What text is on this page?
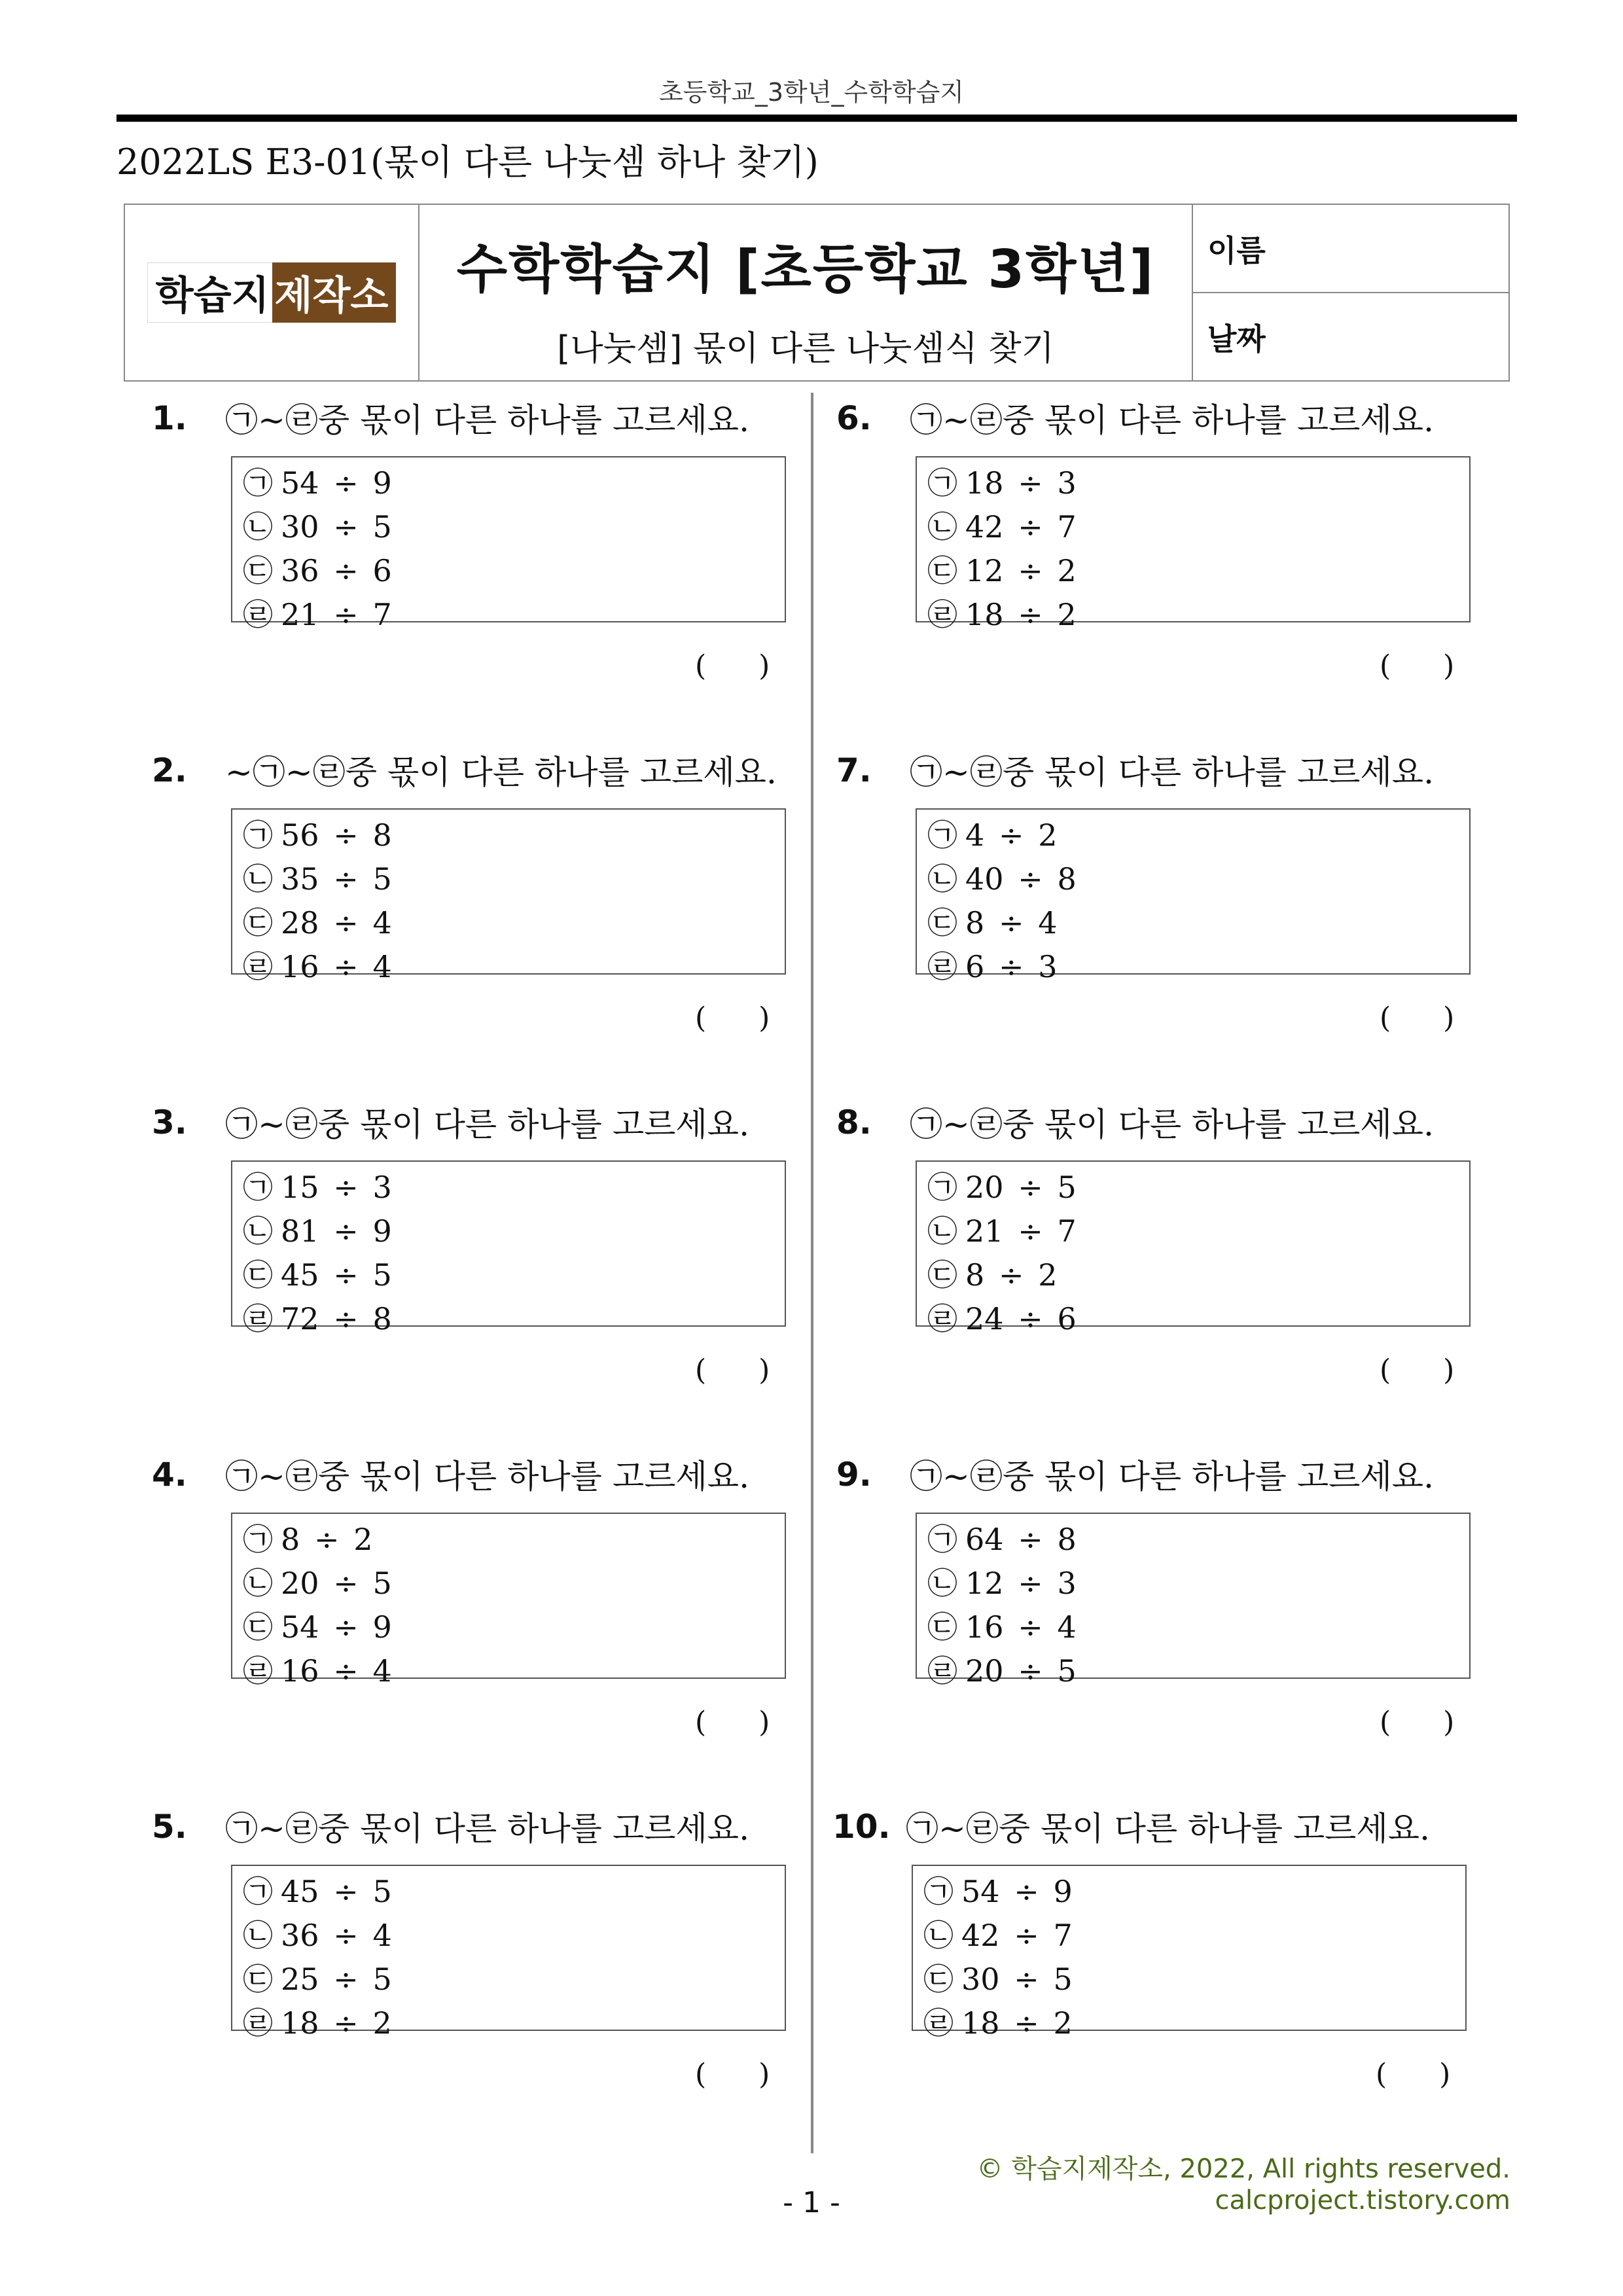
초등학교_3학년_수학학습지
2022LS E3-01(몫이 다른 나눗셈 하나 찾기)
학습지 제작소	수학학습지 [초등학교 3학년]
[나눗셈] 몫이 다른 나눗셈식 찾기
이름
날짜
1. ㉠~㉣중 몫이 다른 하나를 고르세요.
㉠ 54 ÷ 9
㉡ 30 ÷ 5
㉢ 36 ÷ 6
㉣ 21 ÷ 7
( )
2. ~㉠~㉣중 몫이 다른 하나를 고르세요.
㉠ 56 ÷ 8
㉡ 35 ÷ 5
㉢ 28 ÷ 4
㉣ 16 ÷ 4
( )
3. ㉠~㉣중 몫이 다른 하나를 고르세요.
㉠ 15 ÷ 3
㉡ 81 ÷ 9
㉢ 45 ÷ 5
㉣ 72 ÷ 8
( )
4. ㉠~㉣중 몫이 다른 하나를 고르세요.
㉠ 8 ÷ 2
㉡ 20 ÷ 5
㉢ 54 ÷ 9
㉣ 16 ÷ 4
( )
5. ㉠~㉣중 몫이 다른 하나를 고르세요.
㉠ 45 ÷ 5
㉡ 36 ÷ 4
㉢ 25 ÷ 5
㉣ 18 ÷ 2
( )
6. ㉠~㉣중 몫이 다른 하나를 고르세요.
㉠ 18 ÷ 3
㉡ 42 ÷ 7
㉢ 12 ÷ 2
㉣ 18 ÷ 2
( )
7. ㉠~㉣중 몫이 다른 하나를 고르세요.
㉠ 4 ÷ 2
㉡ 40 ÷ 8
㉢ 8 ÷ 4
㉣ 6 ÷ 3
( )
8. ㉠~㉣중 몫이 다른 하나를 고르세요.
㉠ 20 ÷ 5
㉡ 21 ÷ 7
㉢ 8 ÷ 2
㉣ 24 ÷ 6
( )
9. ㉠~㉣중 몫이 다른 하나를 고르세요.
㉠ 64 ÷ 8
㉡ 12 ÷ 3
㉢ 16 ÷ 4
㉣ 20 ÷ 5
( )
10. ㉠~㉣중 몫이 다른 하나를 고르세요.
㉠ 54 ÷ 9
㉡ 42 ÷ 7
㉢ 30 ÷ 5
㉣ 18 ÷ 2
( )
© 학습지제작소, 2022, All rights reserved.
calcproject.tistory.com
- 1 -
